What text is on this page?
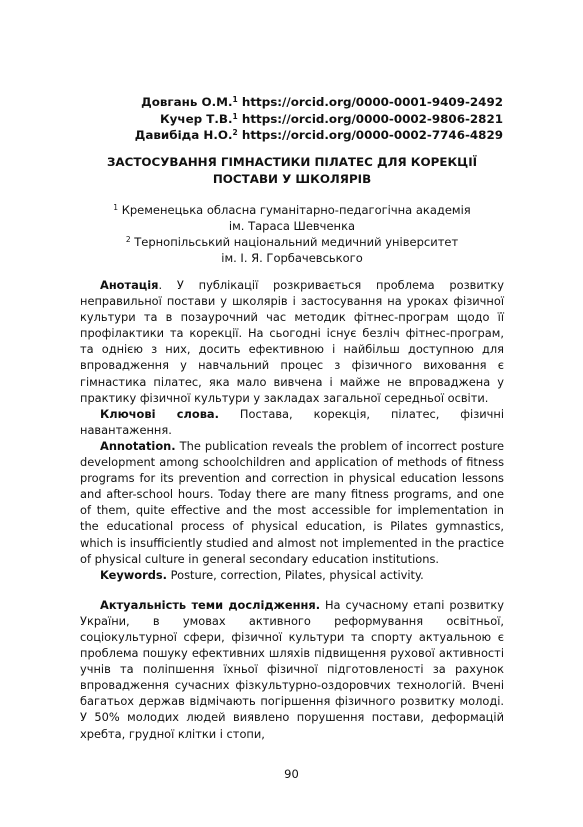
Довгань О.М.$^1$ https://orcid.org/0000-0001-9409-2492
Кучер Т.В.$^1$ https://orcid.org/0000-0002-9806-2821
Давибіда Н.О.$^2$ https://orcid.org/0000-0002-7746-4829
ЗАСТОСУВАННЯ ГІМНАСТИКИ ПІЛАТЕС ДЛЯ КОРЕКЦІЇ ПОСТАВИ У ШКОЛЯРІВ
$^1$ Кременецька обласна гуманітарно-педагогічна академія
ім. Тараса Шевченка
$^2$ Тернопільський національний медичний університет
ім. І. Я. Горбачевського

Анотація. У публікації розкривається проблема розвитку неправильної постави у школярів і застосування на уроках фізичної культури та в позаурочний час методик фітнес-програм щодо її профілактики та корекції. На сьогодні існує безліч фітнес-програм, та однією з них, досить ефективною і найбільш доступною для впровадження у навчальний процес з фізичного виховання є гімнастика пілатес, яка мало вивчена і майже не впроваджена у практику фізичної культури у закладах загальної середньої освіти.

Ключові слова. Постава, корекція, пілатес, фізичні навантаження.

Annotation. The publication reveals the problem of incorrect posture development among schoolchildren and application of methods of fitness programs for its prevention and correction in physical education lessons and after-school hours. Today there are many fitness programs, and one of them, quite effective and the most accessible for implementation in the educational process of physical education, is Pilates gymnastics, which is insufficiently studied and almost not implemented in the practice of physical culture in general secondary education institutions.

Keywords. Posture, correction, Pilates, physical activity.

Актуальність теми дослідження. На сучасному етапі розвитку України, в умовах активного реформування освітньої, соціокультурної сфери, фізичної культури та спорту актуальною є проблема пошуку ефективних шляхів підвищення рухової активності учнів та поліпшення їхньої фізичної підготовленості за рахунок впровадження сучасних фізкультурно-оздоровчих технологій. Вчені багатьох держав відмічають погіршення фізичного розвитку молоді. У 50% молодих людей виявлено порушення постави, деформацій хребта, грудної клітки і стопи,

90
